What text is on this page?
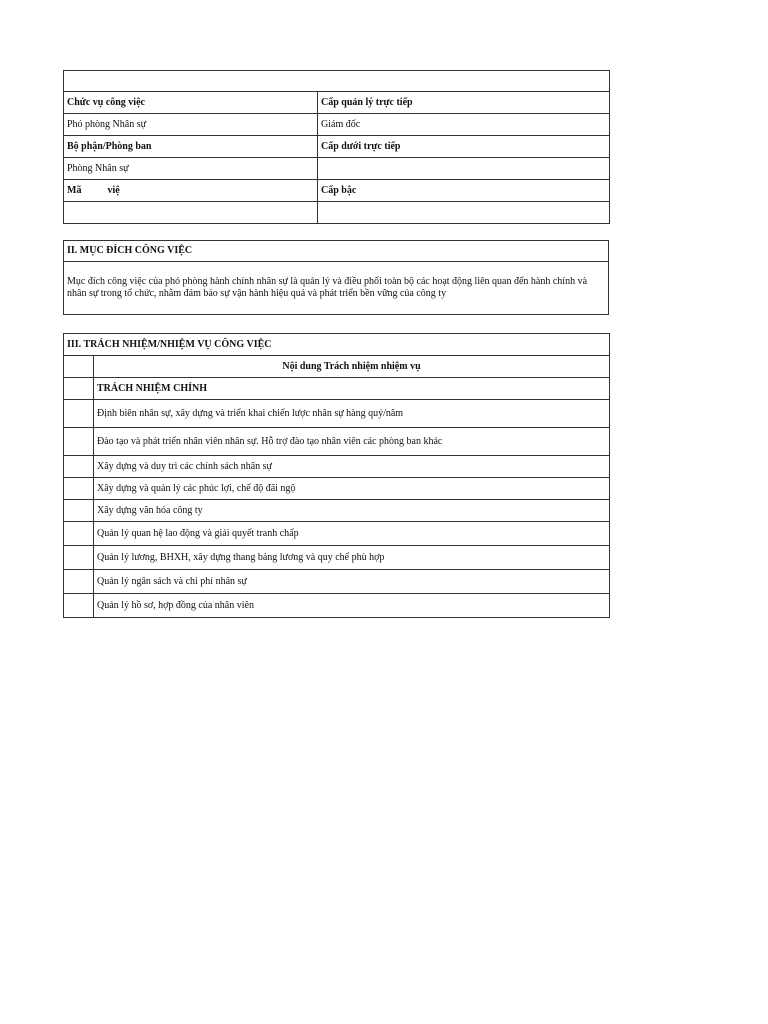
Chức vụ công việc	Cấp quản lý trực tiếp
Phó phòng Nhân sự	Giám đốc
Bộ phận/Phòng ban	Cấp dưới trực tiếp
Phòng Nhân sự	
Mã việ	Cấp bậc

II. MỤC ĐÍCH CÔNG VIỆC
Mục đích công việc của phó phòng hành chính nhân sự là quản lý và điều phối toàn bộ các hoạt động liên quan đến hành chính và nhân sự trong tổ chức, nhằm đảm bảo sự vận hành hiệu quả và phát triển bền vững của công ty
III. TRÁCH NHIỆM/NHIỆM VỤ CÔNG VIỆC	
	Nội dung Trách nhiệm nhiệm vụ
	TRÁCH NHIỆM CHÍNH
	Định biên nhân sự, xây dựng và triển khai chiến lược nhân sự hàng quý/năm
	Đào tạo và phát triển nhân viên nhân sự. Hỗ trợ đào tạo nhân viên các phòng ban khác
	Xây dựng và duy trì các chính sách nhân sự
	Xây dựng và quản lý các phúc lợi, chế độ đãi ngộ
	Xây dựng văn hóa công ty
	Quản lý quan hệ lao động và giải quyết tranh chấp
	Quản lý lương, BHXH, xây dựng thang bảng lương và quy chế phù hợp
	Quản lý ngân sách và chi phí nhân sự
	Quản lý hồ sơ, hợp đồng của nhân viên
